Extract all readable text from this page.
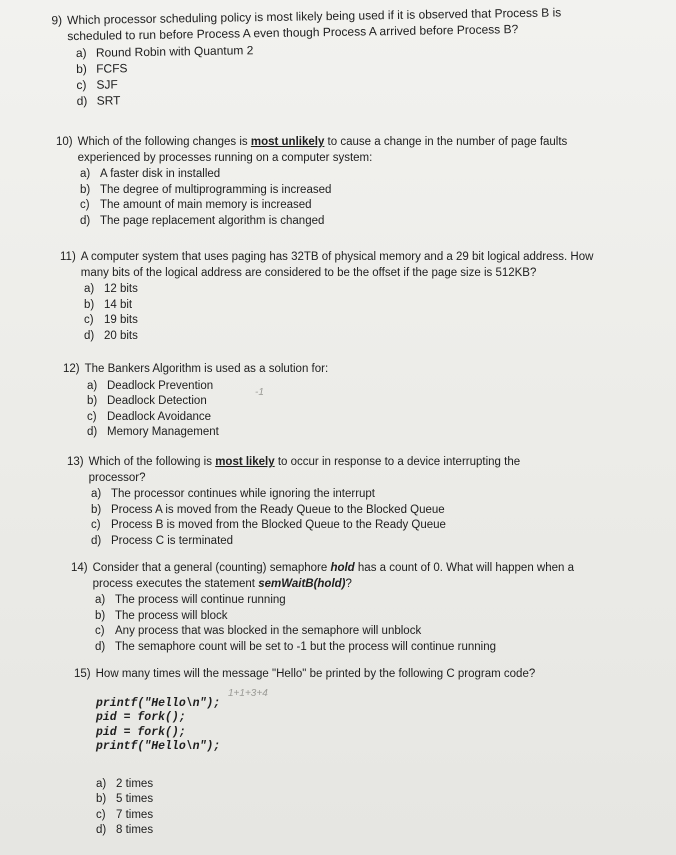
9) Which processor scheduling policy is most likely being used if it is observed that Process B is scheduled to run before Process A even though Process A arrived before Process B?
a) Round Robin with Quantum 2
b) FCFS
c) SJF
d) SRT
10) Which of the following changes is most unlikely to cause a change in the number of page faults experienced by processes running on a computer system:
a) A faster disk in installed
b) The degree of multiprogramming is increased
c) The amount of main memory is increased
d) The page replacement algorithm is changed
11) A computer system that uses paging has 32TB of physical memory and a 29 bit logical address. How many bits of the logical address are considered to be the offset if the page size is 512KB?
a) 12 bits
b) 14 bit
c) 19 bits
d) 20 bits
12) The Bankers Algorithm is used as a solution for:
a) Deadlock Prevention
b) Deadlock Detection
c) Deadlock Avoidance
d) Memory Management
-1
13) Which of the following is most likely to occur in response to a device interrupting the processor?
a) The processor continues while ignoring the interrupt
b) Process A is moved from the Ready Queue to the Blocked Queue
c) Process B is moved from the Blocked Queue to the Ready Queue
d) Process C is terminated
14) Consider that a general (counting) semaphore hold has a count of 0. What will happen when a process executes the statement semWaitB(hold)?
a) The process will continue running
b) The process will block
c) Any process that was blocked in the semaphore will unblock
d) The semaphore count will be set to -1 but the process will continue running
15) How many times will the message "Hello" be printed by the following C program code?
printf("Hello\n");
pid = fork();
pid = fork();
printf("Hello\n");
a) 2 times
b) 5 times
c) 7 times
d) 8 times
1+1+3+4
